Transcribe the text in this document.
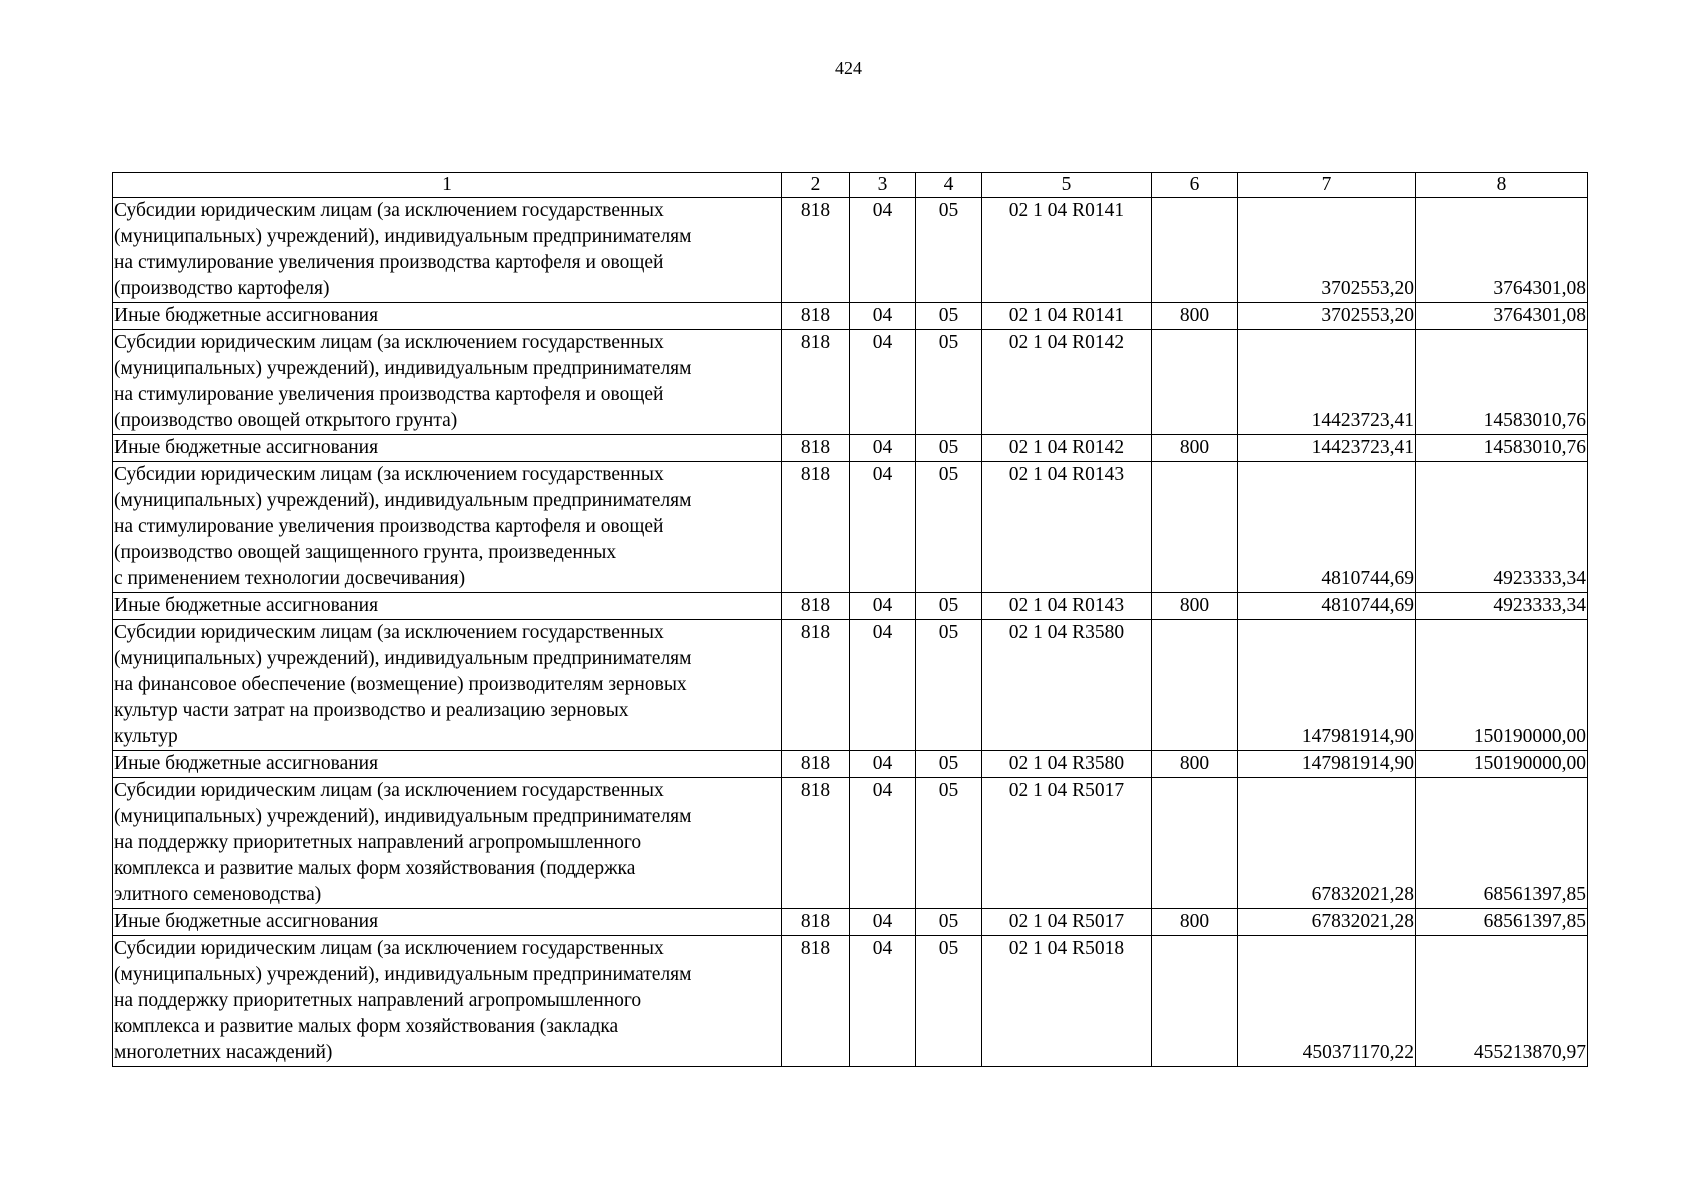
424
1	2	3	4	5	6	7	8

Субсидии юридическим лицам (за исключением государственных
(муниципальных) учреждений), индивидуальным предпринимателям
на стимулирование увеличения производства картофеля и овощей
(производство картофеля)	818	04	05	02 1 04 R0141		3702553,20	3764301,08

Иные бюджетные ассигнования	818	04	05	02 1 04 R0141	800	3702553,20	3764301,08

Субсидии юридическим лицам (за исключением государственных
(муниципальных) учреждений), индивидуальным предпринимателям
на стимулирование увеличения производства картофеля и овощей
(производство овощей открытого грунта)	818	04	05	02 1 04 R0142		14423723,41	14583010,76

Иные бюджетные ассигнования	818	04	05	02 1 04 R0142	800	14423723,41	14583010,76

Субсидии юридическим лицам (за исключением государственных
(муниципальных) учреждений), индивидуальным предпринимателям
на стимулирование увеличения производства картофеля и овощей
(производство овощей защищенного грунта, произведенных
с применением технологии досвечивания)	818	04	05	02 1 04 R0143		4810744,69	4923333,34

Иные бюджетные ассигнования	818	04	05	02 1 04 R0143	800	4810744,69	4923333,34

Субсидии юридическим лицам (за исключением государственных
(муниципальных) учреждений), индивидуальным предпринимателям
на финансовое обеспечение (возмещение) производителям зерновых
культур части затрат на производство и реализацию зерновых
культур	818	04	05	02 1 04 R3580		147981914,90	150190000,00

Иные бюджетные ассигнования	818	04	05	02 1 04 R3580	800	147981914,90	150190000,00

Субсидии юридическим лицам (за исключением государственных
(муниципальных) учреждений), индивидуальным предпринимателям
на поддержку приоритетных направлений агропромышленного
комплекса и развитие малых форм хозяйствования (поддержка
элитного семеноводства)	818	04	05	02 1 04 R5017		67832021,28	68561397,85

Иные бюджетные ассигнования	818	04	05	02 1 04 R5017	800	67832021,28	68561397,85

Субсидии юридическим лицам (за исключением государственных
(муниципальных) учреждений), индивидуальным предпринимателям
на поддержку приоритетных направлений агропромышленного
комплекса и развитие малых форм хозяйствования (закладка
многолетних насаждений)	818	04	05	02 1 04 R5018		450371170,22	455213870,97
